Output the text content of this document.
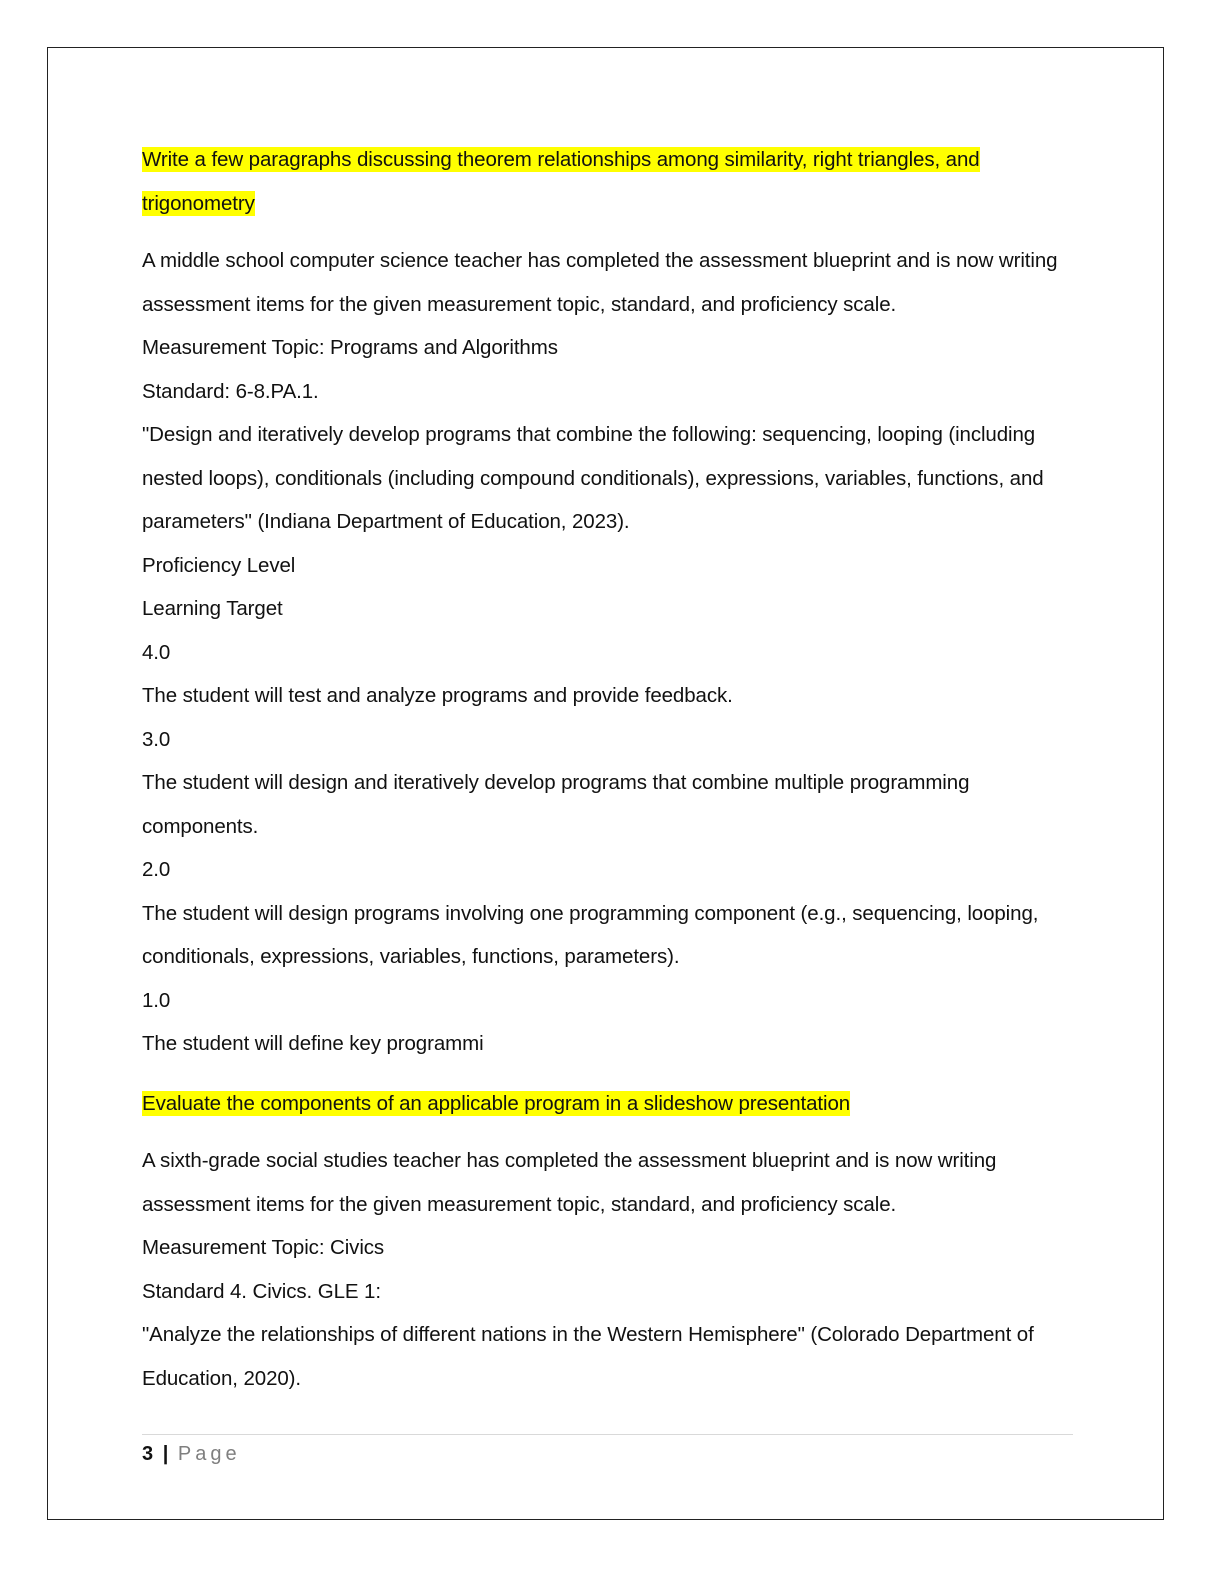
Write a few paragraphs discussing theorem relationships among similarity, right triangles, and trigonometry

A middle school computer science teacher has completed the assessment blueprint and is now writing assessment items for the given measurement topic, standard, and proficiency scale.

Measurement Topic: Programs and Algorithms

Standard: 6-8.PA.1.

"Design and iteratively develop programs that combine the following: sequencing, looping (including nested loops), conditionals (including compound conditionals), expressions, variables, functions, and parameters" (Indiana Department of Education, 2023).

Proficiency Level

Learning Target

4.0

The student will test and analyze programs and provide feedback.

3.0

The student will design and iteratively develop programs that combine multiple programming components.

2.0

The student will design programs involving one programming component (e.g., sequencing, looping, conditionals, expressions, variables, functions, parameters).

1.0

The student will define key programmi

Evaluate the components of an applicable program in a slideshow presentation

A sixth-grade social studies teacher has completed the assessment blueprint and is now writing assessment items for the given measurement topic, standard, and proficiency scale.

Measurement Topic: Civics

Standard 4. Civics. GLE 1:

"Analyze the relationships of different nations in the Western Hemisphere" (Colorado Department of Education, 2020).

3 | Page
